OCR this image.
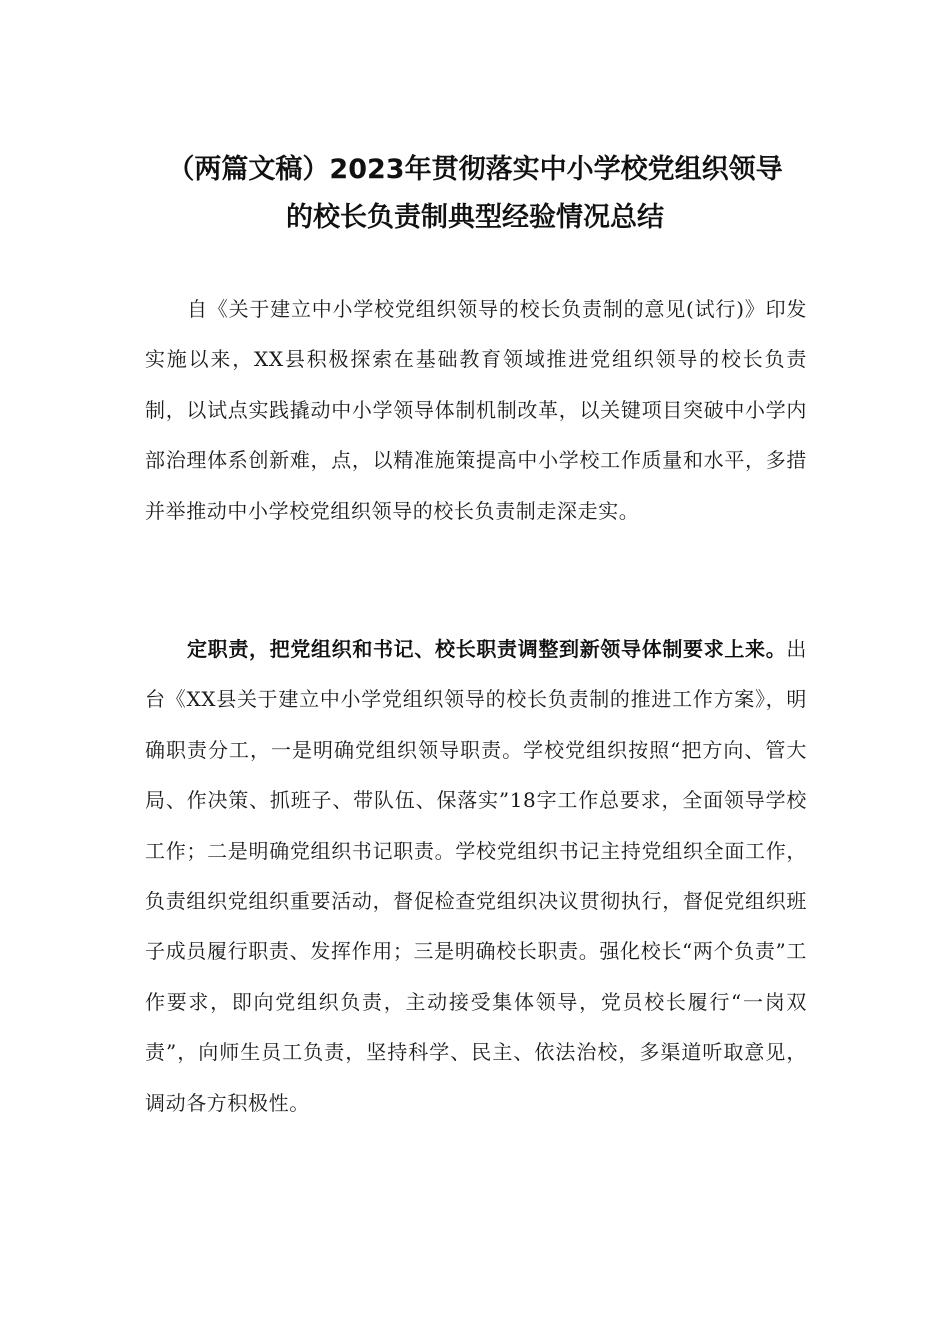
（两篇文稿）2023年贯彻落实中小学校党组织领导
的校长负责制典型经验情况总结

自《关于建立中小学校党组织领导的校长负责制的意见(试行)》印发实施以来，XX县积极探索在基础教育领域推进党组织领导的校长负责制，以试点实践撬动中小学领导体制机制改革，以关键项目突破中小学内部治理体系创新难，点，以精准施策提高中小学校工作质量和水平，多措并举推动中小学校党组织领导的校长负责制走深走实。

定职责，把党组织和书记、校长职责调整到新领导体制要求上来。出台《XX县关于建立中小学党组织领导的校长负责制的推进工作方案》，明确职责分工，一是明确党组织领导职责。学校党组织按照“把方向、管大局、作决策、抓班子、带队伍、保落实”18字工作总要求，全面领导学校工作；二是明确党组织书记职责。学校党组织书记主持党组织全面工作，负责组织党组织重要活动，督促检查党组织决议贯彻执行，督促党组织班子成员履行职责、发挥作用；三是明确校长职责。强化校长“两个负责”工作要求，即向党组织负责，主动接受集体领导，党员校长履行“一岗双责”，向师生员工负责，坚持科学、民主、依法治校，多渠道听取意见，调动各方积极性。
